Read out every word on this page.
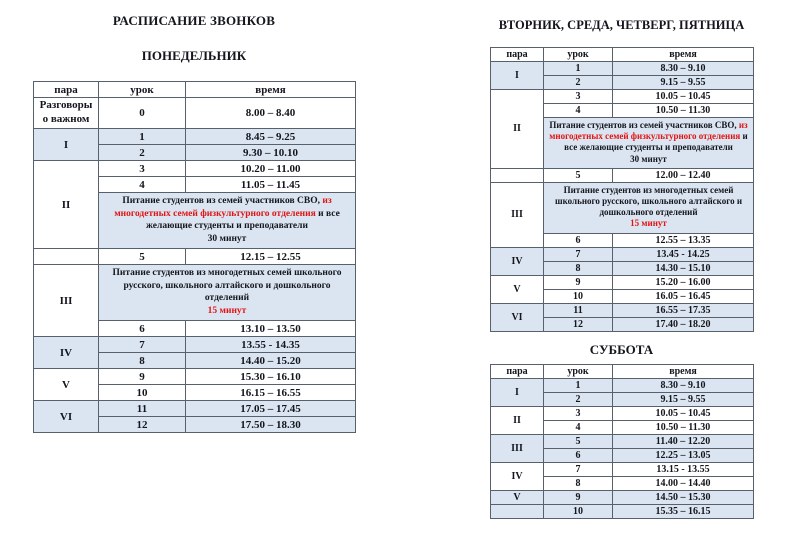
РАСПИСАНИЕ ЗВОНКОВ
ПОНЕДЕЛЬНИК
пара	урок	время
Разговоры о важном	0	8.00 – 8.40
I	1	8.45 – 9.25
	2	9.30 – 10.10
II	3	10.20 – 11.00
	4	11.05 – 11.45

	Питание студентов из семей участников СВО, из многодетных семей физкультурного отделения и все желающие студенты и преподаватели
30 минут	

	5	12.15 – 12.55
III	Питание студентов из многодетных семей школьного русского, школьного алтайского и дошкольного отделений
15 минут	

	6	13.10 – 13.50
IV	7	13.55 - 14.35
	8	14.40 – 15.20
V	9	15.30 – 16.10
	10	16.15 – 16.55
VI	11	17.05 – 17.45
	12	17.50 – 18.30
ВТОРНИК, СРЕДА, ЧЕТВЕРГ, ПЯТНИЦА
пара	урок	время
I	1	8.30 – 9.10
	2	9.15 – 9.55
II	3	10.05 – 10.45
	4	10.50 – 11.30

	Питание студентов из семей участников СВО, из многодетных семей физкультурного отделения и все желающие студенты и преподаватели
30 минут	

	5	12.00 – 12.40
III	Питание студентов из многодетных семей школьного русского, школьного алтайского и дошкольного отделений
15 минут	

	6	12.55 – 13.35
IV	7	13.45 - 14.25
	8	14.30 – 15.10
V	9	15.20 – 16.00
	10	16.05 – 16.45
VI	11	16.55 – 17.35
	12	17.40 – 18.20
СУББОТА
пара	урок	время
I	1	8.30 – 9.10
	2	9.15 – 9.55
II	3	10.05 – 10.45
	4	10.50 – 11.30
III	5	11.40 – 12.20
	6	12.25 – 13.05
IV	7	13.15 - 13.55
	8	14.00 – 14.40
V	9	14.50 – 15.30
	10	15.35 – 16.15
